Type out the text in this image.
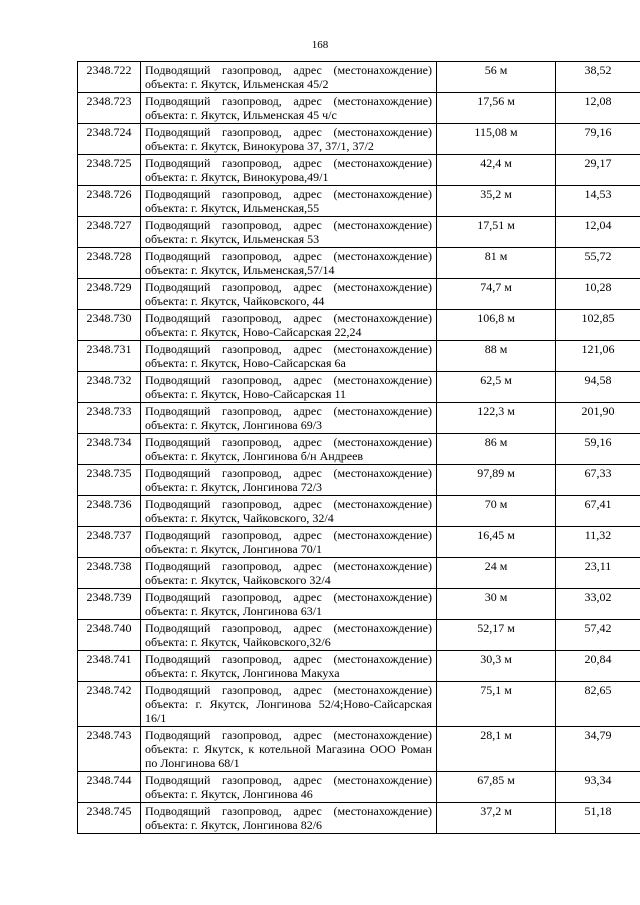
168
2348.722	Подводящий газопровод, адрес (местонахождение) объекта: г. Якутск, Ильменская 45/2	56 м	38,52
2348.723	Подводящий газопровод, адрес (местонахождение) объекта: г. Якутск, Ильменская 45 ч/с	17,56 м	12,08
2348.724	Подводящий газопровод, адрес (местонахождение) объекта: г. Якутск, Винокурова 37, 37/1, 37/2	115,08 м	79,16
2348.725	Подводящий газопровод, адрес (местонахождение) объекта: г. Якутск, Винокурова,49/1	42,4 м	29,17
2348.726	Подводящий газопровод, адрес (местонахождение) объекта: г. Якутск, Ильменская,55	35,2 м	14,53
2348.727	Подводящий газопровод, адрес (местонахождение) объекта: г. Якутск, Ильменская 53	17,51 м	12,04
2348.728	Подводящий газопровод, адрес (местонахождение) объекта: г. Якутск, Ильменская,57/14	81 м	55,72
2348.729	Подводящий газопровод, адрес (местонахождение) объекта: г. Якутск, Чайковского, 44	74,7 м	10,28
2348.730	Подводящий газопровод, адрес (местонахождение) объекта: г. Якутск, Ново-Сайсарская 22,24	106,8 м	102,85
2348.731	Подводящий газопровод, адрес (местонахождение) объекта: г. Якутск, Ново-Сайсарская 6а	88 м	121,06
2348.732	Подводящий газопровод, адрес (местонахождение) объекта: г. Якутск, Ново-Сайсарская 11	62,5 м	94,58
2348.733	Подводящий газопровод, адрес (местонахождение) объекта: г. Якутск, Лонгинова 69/3	122,3 м	201,90
2348.734	Подводящий газопровод, адрес (местонахождение) объекта: г. Якутск, Лонгинова б/н Андреев	86 м	59,16
2348.735	Подводящий газопровод, адрес (местонахождение) объекта: г. Якутск, Лонгинова 72/3	97,89 м	67,33
2348.736	Подводящий газопровод, адрес (местонахождение) объекта: г. Якутск, Чайковского, 32/4	70 м	67,41
2348.737	Подводящий газопровод, адрес (местонахождение) объекта: г. Якутск, Лонгинова 70/1	16,45 м	11,32
2348.738	Подводящий газопровод, адрес (местонахождение) объекта: г. Якутск, Чайковского 32/4	24 м	23,11
2348.739	Подводящий газопровод, адрес (местонахождение) объекта: г. Якутск, Лонгинова 63/1	30 м	33,02
2348.740	Подводящий газопровод, адрес (местонахождение) объекта: г. Якутск, Чайковского,32/6	52,17 м	57,42
2348.741	Подводящий газопровод, адрес (местонахождение) объекта: г. Якутск, Лонгинова Макуха	30,3 м	20,84
2348.742	Подводящий газопровод, адрес (местонахождение) объекта: г. Якутск, Лонгинова 52/4;Ново-Сайсарская 16/1	75,1 м	82,65
2348.743	Подводящий газопровод, адрес (местонахождение) объекта: г. Якутск, к котельной Магазина ООО Роман по Лонгинова 68/1	28,1 м	34,79
2348.744	Подводящий газопровод, адрес (местонахождение) объекта: г. Якутск, Лонгинова 46	67,85 м	93,34
2348.745	Подводящий газопровод, адрес (местонахождение) объекта: г. Якутск, Лонгинова 82/6	37,2 м	51,18
